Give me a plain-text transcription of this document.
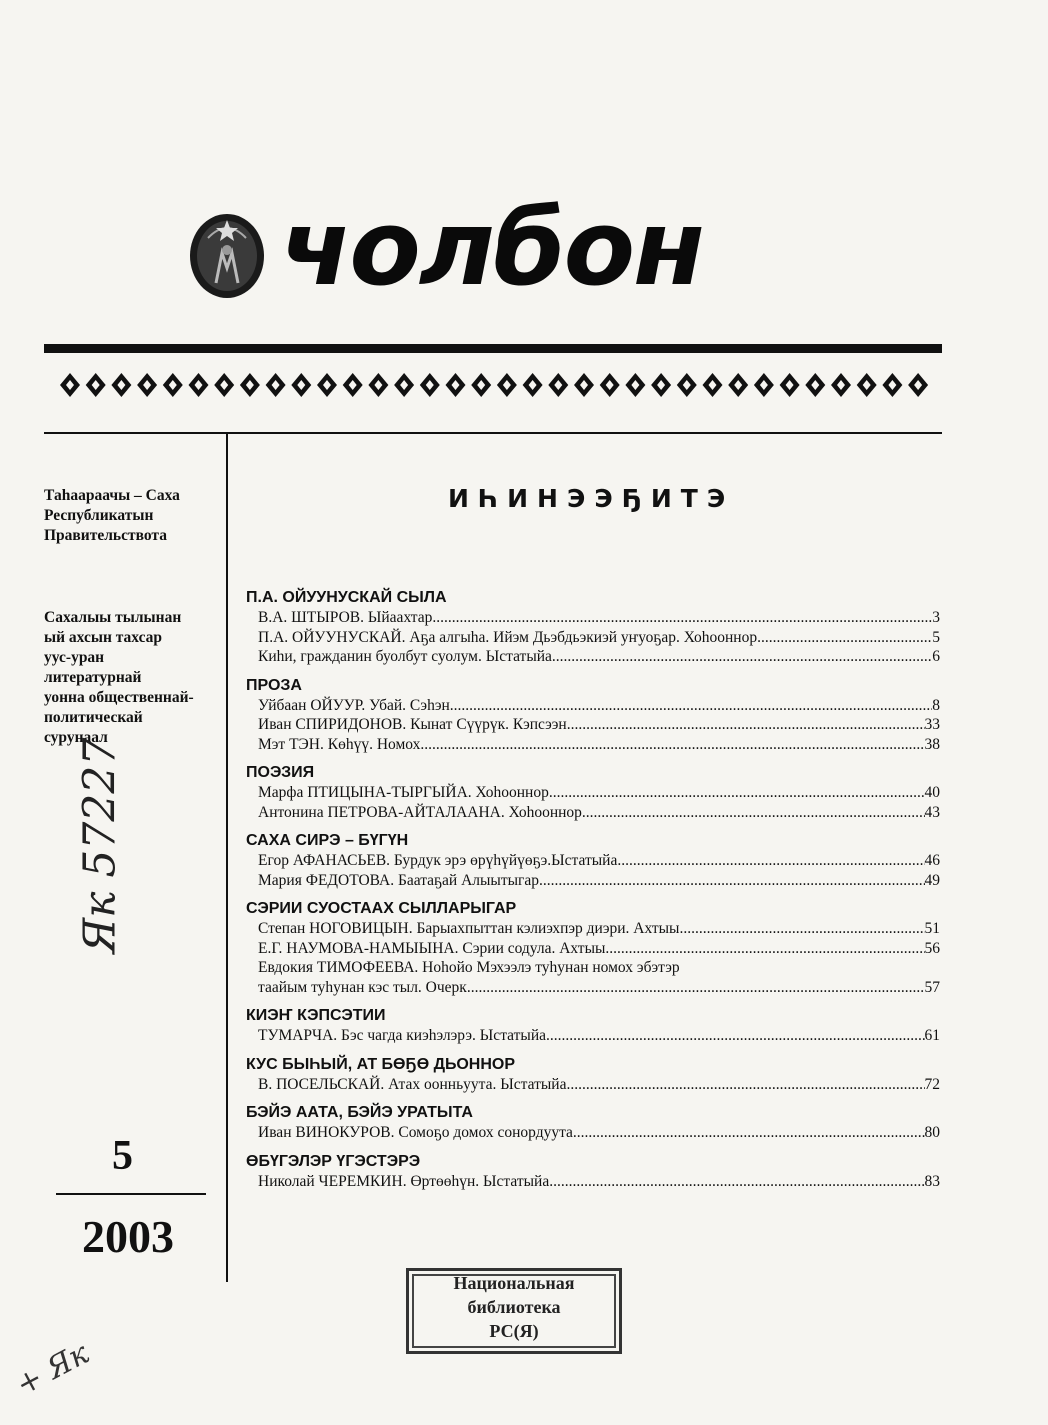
чолбон
Таһаараачы – Саха
Республикатын
Правительствота
Сахалыы тылынан
ый ахсын тахсар
уус-уран
литературнай
уонна общественнай-
политическай
сурунаал
5
2003
ИҺИНЭЭҔИТЭ
П.А. ОЙУУНУСКАЙ СЫЛА
В.А. ШТЫРОВ. Ыйаахтар. .....	3
П.А. ОЙУУНУСКАЙ. Аҕа алгыһа. Ийэм Дьэбдьэкиэй уҥуоҕар. Хоһооннор .....	5
Киһи, гражданин буолбут суолум. Ыстатыйа .....	6
ПРОЗА
Уйбаан ОЙУУР. Убай. Сэһэн .....	8
Иван СПИРИДОНОВ. Кынат Сүүрүк. Кэпсээн .....	33
Мэт ТЭН. Көһүү. Номох .....	38
ПОЭЗИЯ
Марфа ПТИЦЫНА-ТЫРГЫЙА. Хоһооннор .....	40
Антонина ПЕТРОВА-АЙТАЛААНА. Хоһооннор .....	43
САХА СИРЭ – БҮГҮН
Егор АФАНАСЬЕВ. Бурдук эрэ өрүһүйүөҕэ.Ыстатыйа .....	46
Мария ФЕДОТОВА. Баатаҕай Алыытыгар .....	49
СЭРИИ СУОСТААХ СЫЛЛАРЫГАР
Степан НОГОВИЦЫН. Барыахпыттан кэлиэхпэр диэри. Ахтыы .....	51
Е.Г. НАУМОВА-НАМЫЫНА. Сэрии содула. Ахтыы .....	56
Евдокия ТИМОФЕЕВА. Ноһойо Мэхээлэ туһунан номох эбэтэр
таайым туһунан кэс тыл. Очерк .....	57
КИЭҤ КЭПСЭТИИ
ТУМАРЧА. Бэс чагда киэһэлэрэ. Ыстатыйа .....	61
КУС БЫҺЫЙ, АТ БӨҔӨ ДЬОННОР
В. ПОСЕЛЬСКАЙ. Атах оонньуута. Ыстатыйа .....	72
БЭЙЭ ААТА, БЭЙЭ УРАТЫТА
Иван ВИНОКУРОВ. Сомоҕо домох сонордуута .....	80
ӨБҮГЭЛЭР ҮГЭСТЭРЭ
Николай ЧЕРЕМКИН. Өртөөһүн. Ыстатыйа .....	83
Национальная
библиотека
РС(Я)
Як 57227
+ Як
